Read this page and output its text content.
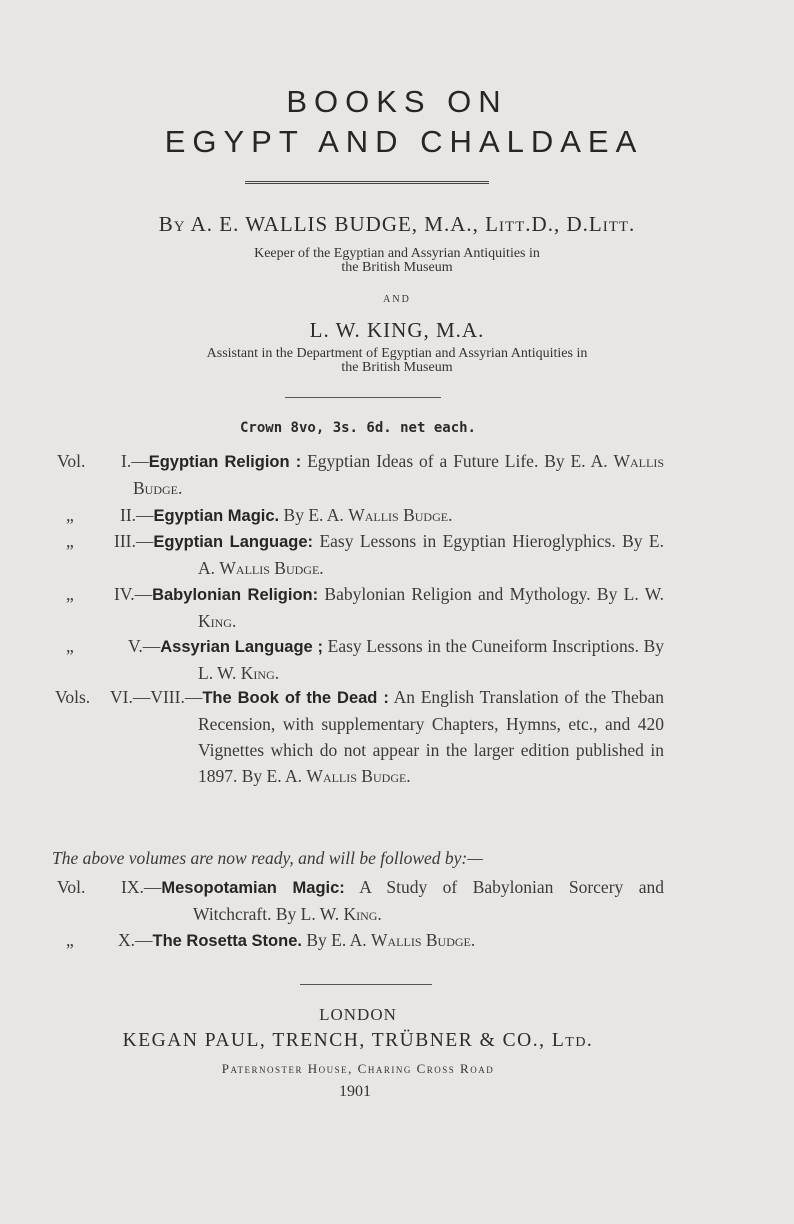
BOOKS ON
EGYPT AND CHALDAEA
By A. E. WALLIS BUDGE, M.A., Litt.D., D.Litt.
Keeper of the Egyptian and Assyrian Antiquities in
the British Museum
AND
L. W. KING, M.A.
Assistant in the Department of Egyptian and Assyrian Antiquities in
the British Museum
Crown 8vo, 3s. 6d. net each.
Vol. I.—Egyptian Religion : Egyptian Ideas of a Future Life. By E. A. Wallis Budge.
„	II.—Egyptian Magic. By E. A. Wallis Budge.
„ III.—Egyptian Language: Easy Lessons in Egyptian Hieroglyphics. By E. A. Wallis Budge.
„ IV.—Babylonian Religion: Babylonian Religion and Mythology. By L. W. King.
„	V.—Assyrian Language ; Easy Lessons in the Cuneiform Inscriptions. By L. W. King.
Vols. VI.—VIII.—The Book of the Dead : An English Translation of the Theban Recension, with supplementary Chapters, Hymns, etc., and 420 Vignettes which do not appear in the larger edition published in 1897. By E. A. Wallis Budge.
The above volumes are now ready, and will be followed by:—
Vol. IX.—Mesopotamian Magic: A Study of Babylonian Sorcery and Witchcraft. By L. W. King.
„	X.—The Rosetta Stone. By E. A. Wallis Budge.
LONDON
KEGAN PAUL, TRENCH, TRÜBNER & CO., Ltd.
Paternoster House, Charing Cross Road
1901
